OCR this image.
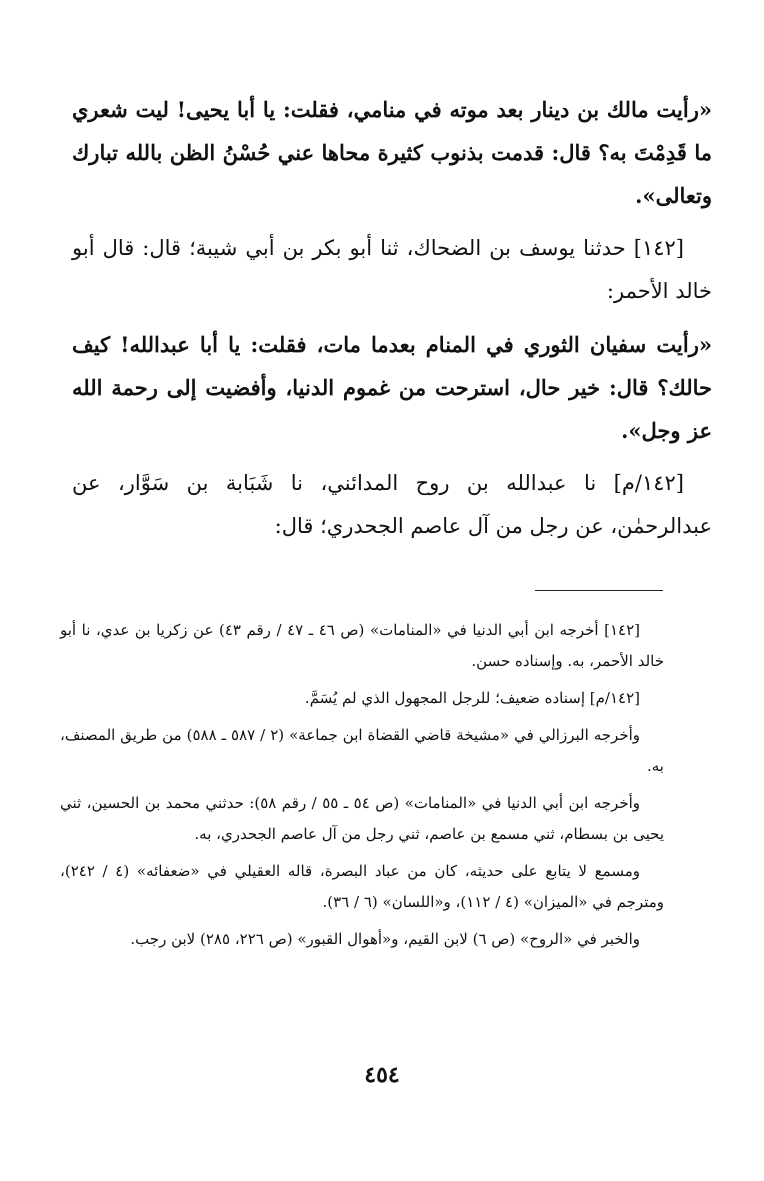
«رأيت مالك بن دينار بعد موته في منامي، فقلت: يا أبا يحيى! ليت شعري ما قَدِمْتَ به؟ قال: قدمت بذنوب كثيرة محاها عني حُسْنُ الظن بالله تبارك وتعالى».

[١٤٢] حدثنا يوسف بن الضحاك، ثنا أبو بكر بن أبي شيبة؛ قال: قال أبو خالد الأحمر:

«رأيت سفيان الثوري في المنام بعدما مات، فقلت: يا أبا عبدالله! كيف حالك؟ قال: خير حال، استرحت من غموم الدنيا، وأفضيت إلى رحمة الله عز وجل».

[١٤٢/م] نا عبدالله بن روح المدائني، نا شَبَابة بن سَوَّار، عن عبدالرحمٰن، عن رجل من آل عاصم الجحدري؛ قال:

[١٤٢] أخرجه ابن أبي الدنيا في «المنامات» (ص ٤٦ ـ ٤٧ / رقم ٤٣) عن زكريا بن عدي، نا أبو خالد الأحمر، به. وإسناده حسن.

[١٤٢/م] إسناده ضعيف؛ للرجل المجهول الذي لم يُسَمَّ.

وأخرجه البرزالي في «مشيخة قاضي القضاة ابن جماعة» (٢ / ٥٨٧ ـ ٥٨٨) من طريق المصنف، به.

وأخرجه ابن أبي الدنيا في «المنامات» (ص ٥٤ ـ ٥٥ / رقم ٥٨): حدثني محمد بن الحسين، ثني يحيى بن بسطام، ثني مسمع بن عاصم، ثني رجل من آل عاصم الجحدري، به.

ومسمع لا يتابع على حديثه، كان من عباد البصرة، قاله العقيلي في «ضعفائه» (٤ / ٢٤٢)، ومترجم في «الميزان» (٤ / ١١٢)، و«اللسان» (٦ / ٣٦).

والخبر في «الروح» (ص ٦) لابن القيم، و«أهوال القبور» (ص ٢٢٦، ٢٨٥) لابن رجب.

٤٥٤
